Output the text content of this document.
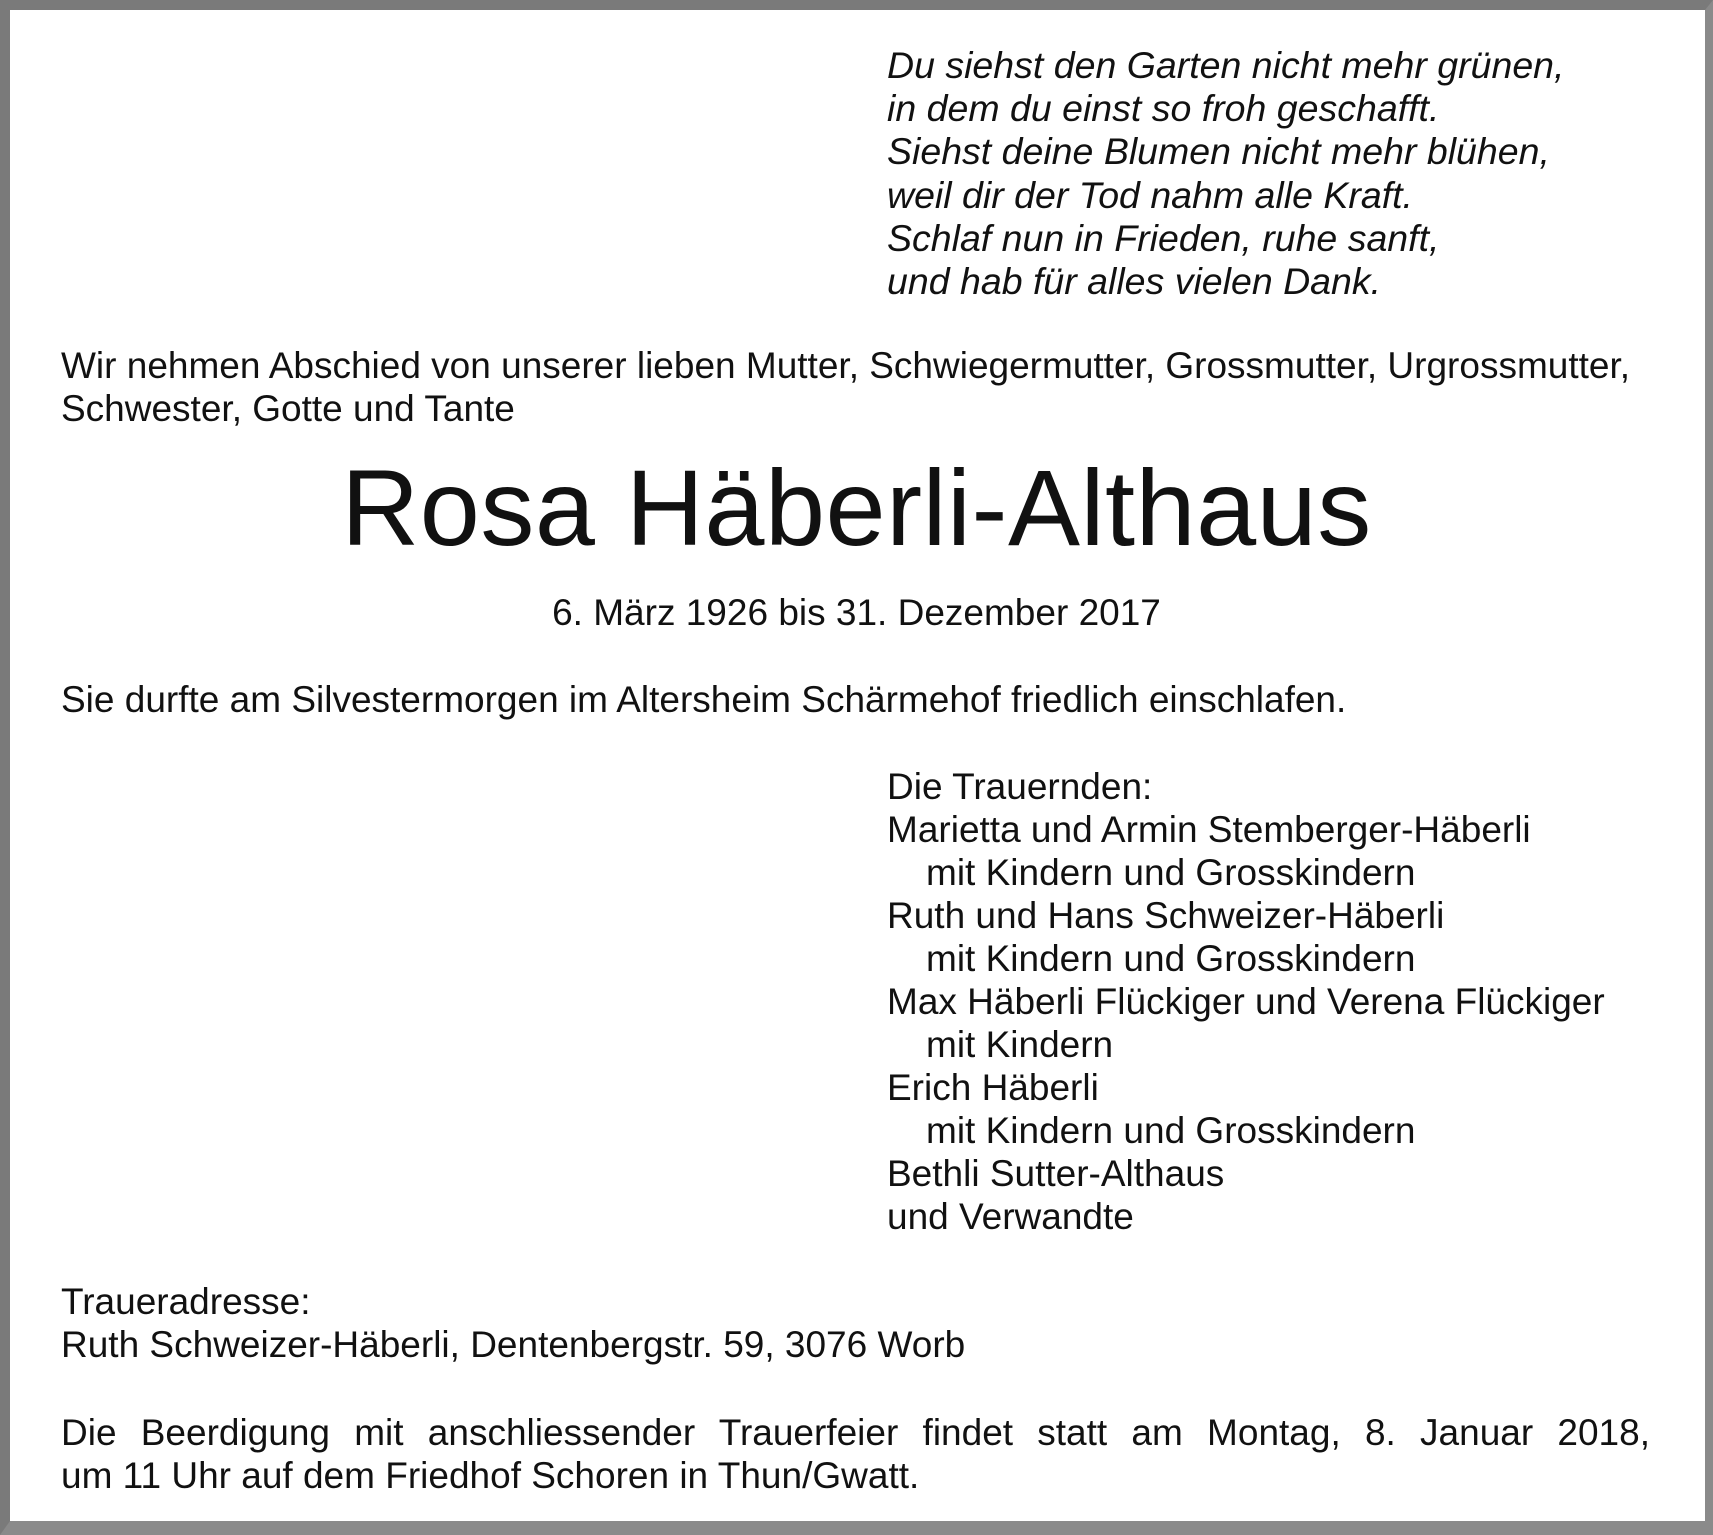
Du siehst den Garten nicht mehr grünen,
in dem du einst so froh geschafft.
Siehst deine Blumen nicht mehr blühen,
weil dir der Tod nahm alle Kraft.
Schlaf nun in Frieden, ruhe sanft,
und hab für alles vielen Dank.
Wir nehmen Abschied von unserer lieben Mutter, Schwiegermutter, Grossmutter, Urgrossmutter,
Schwester, Gotte und Tante
Rosa Häberli-Althaus
6. März 1926 bis 31. Dezember 2017
Sie durfte am Silvestermorgen im Altersheim Schärmehof friedlich einschlafen.
Die Trauernden:
Marietta und Armin Stemberger-Häberli
mit Kindern und Grosskindern
Ruth und Hans Schweizer-Häberli
mit Kindern und Grosskindern
Max Häberli Flückiger und Verena Flückiger
mit Kindern
Erich Häberli
mit Kindern und Grosskindern
Bethli Sutter-Althaus
und Verwandte
Traueradresse:
Ruth Schweizer-Häberli, Dentenbergstr. 59, 3076 Worb
Die Beerdigung mit anschliessender Trauerfeier findet statt am Montag, 8. Januar 2018,
um 11 Uhr auf dem Friedhof Schoren in Thun/Gwatt.
